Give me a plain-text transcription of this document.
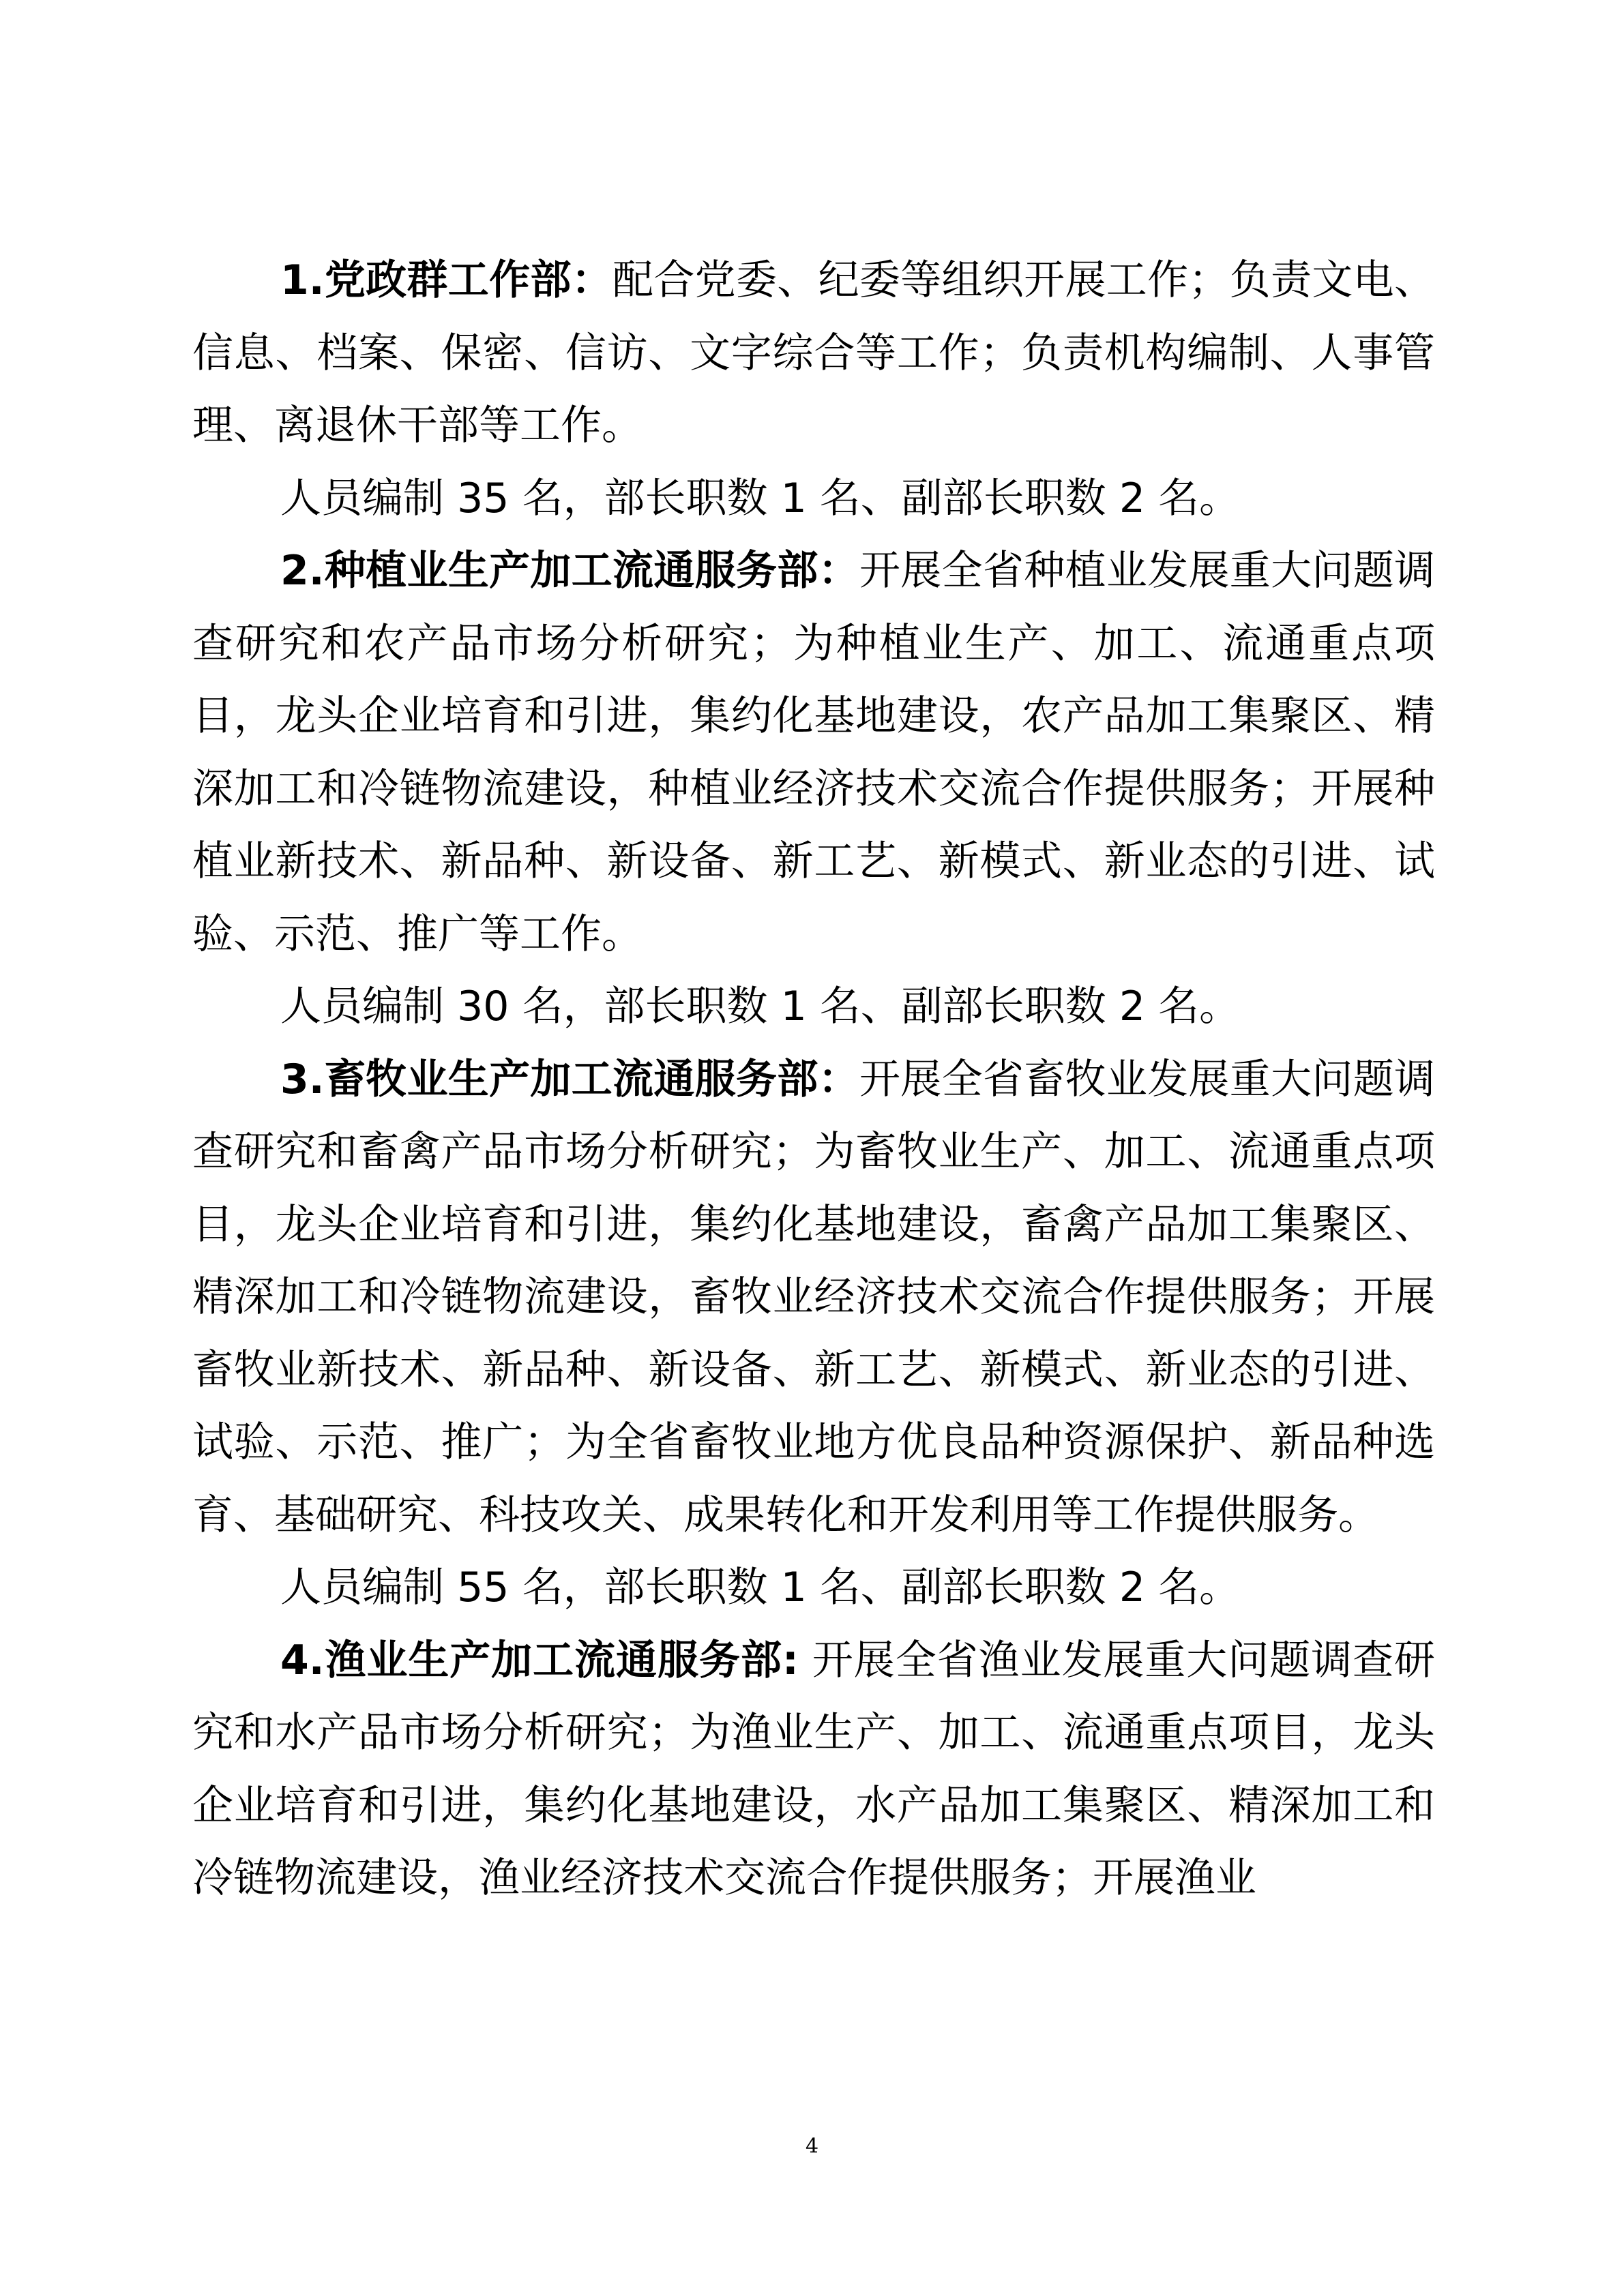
1.党政群工作部：配合党委、纪委等组织开展工作；负责文电、信息、档案、保密、信访、文字综合等工作；负责机构编制、人事管理、离退休干部等工作。

人员编制 35 名，部长职数 1 名、副部长职数 2 名。

2.种植业生产加工流通服务部：开展全省种植业发展重大问题调查研究和农产品市场分析研究；为种植业生产、加工、流通重点项目，龙头企业培育和引进，集约化基地建设，农产品加工集聚区、精深加工和冷链物流建设，种植业经济技术交流合作提供服务；开展种植业新技术、新品种、新设备、新工艺、新模式、新业态的引进、试验、示范、推广等工作。

人员编制 30 名，部长职数 1 名、副部长职数 2 名。

3.畜牧业生产加工流通服务部：开展全省畜牧业发展重大问题调查研究和畜禽产品市场分析研究；为畜牧业生产、加工、流通重点项目，龙头企业培育和引进，集约化基地建设，畜禽产品加工集聚区、精深加工和冷链物流建设，畜牧业经济技术交流合作提供服务；开展畜牧业新技术、新品种、新设备、新工艺、新模式、新业态的引进、试验、示范、推广；为全省畜牧业地方优良品种资源保护、新品种选育、基础研究、科技攻关、成果转化和开发利用等工作提供服务。

人员编制 55 名，部长职数 1 名、副部长职数 2 名。

4.渔业生产加工流通服务部: 开展全省渔业发展重大问题调查研究和水产品市场分析研究；为渔业生产、加工、流通重点项目，龙头企业培育和引进，集约化基地建设，水产品加工集聚区、精深加工和冷链物流建设，渔业经济技术交流合作提供服务；开展渔业

4
